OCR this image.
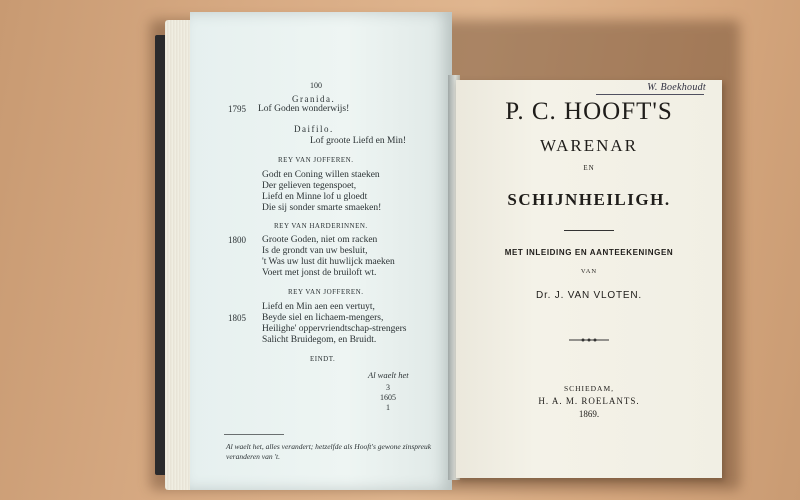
100
Granida.
1795 Lof Goden wonderwijs!
Daifilo.
Lof groote Liefd en Min!
REY VAN JOFFEREN.
Godt en Coning willen staeken
Der gelieven tegenspoet,
Liefd en Minne lof u gloedt
Die sij sonder smarte smaeken!
REY VAN HARDERINNEN.
1800 Groote Goden, niet om racken
Is de grondt van uw besluit,
't Was uw lust dit huwlijck maeken
Voert met jonst de bruiloft wt.
REY VAN JOFFEREN.
Liefd en Min aen een vertuyt,
1805 Beyde siel en lichaem-mengers,
Heilighe' oppervriendtschap-strengers
Salicht Bruidegom, en Bruidt.
EINDT.
Al waelt het
3
1605
1
Al waelt het, alles verandert; hetzelfde als Hooft's gewone zinspreuk
veranderen van 't.
W. Boekhoudt
P. C. HOOFT'S
WARENAR
EN
SCHIJNHEILIGH.
MET INLEIDING EN AANTEEKENINGEN
VAN
Dr. J. VAN VLOTEN.
SCHIEDAM,
H. A. M. ROELANTS.
1869.
